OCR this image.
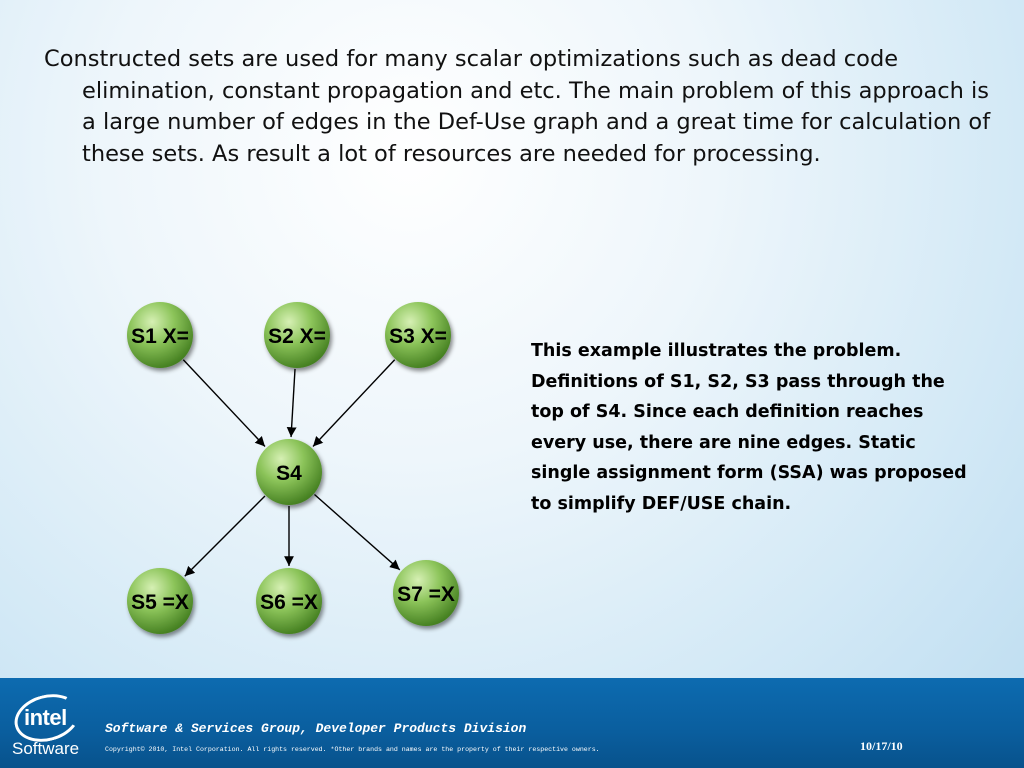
Constructed sets are used for many scalar optimizations such as dead code elimination, constant propagation and etc. The main problem of this approach is a large number of edges in the Def-Use graph and a great time for calculation of these sets. As result a lot of resources are needed for processing.

S1 X=	S2 X=	S3 X=
S4
S5 =X	S6 =X	S7 =X

This example illustrates the problem. Definitions of S1, S2, S3 pass through the top of S4. Since each definition reaches every use, there are nine edges. Static single assignment form (SSA) was proposed to simplify DEF/USE chain.

intel
Software
Software & Services Group, Developer Products Division
Copyright© 2010, Intel Corporation. All rights reserved. *Other brands and names are the property of their respective owners.	10/17/10
